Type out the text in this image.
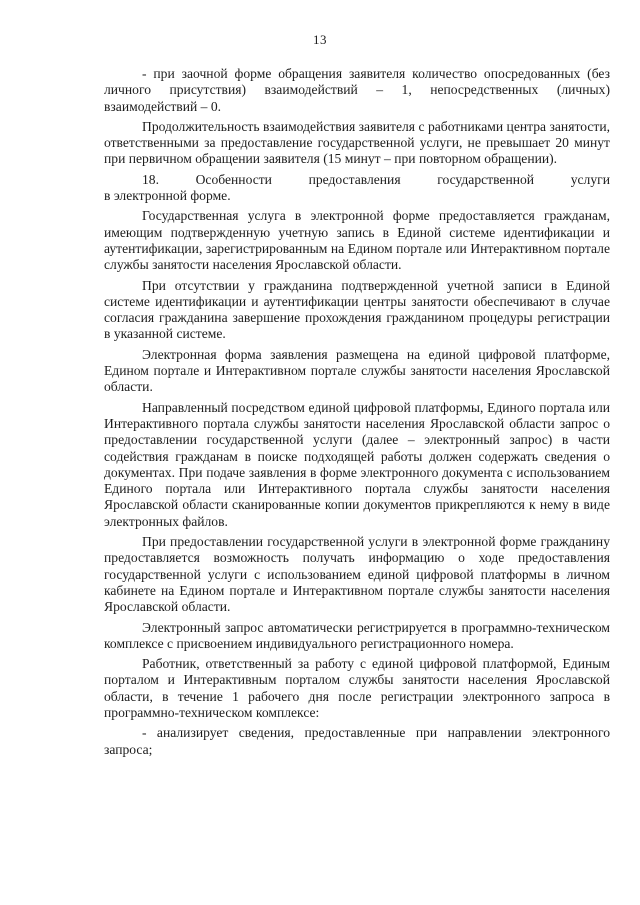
13

- при заочной форме обращения заявителя количество опосредованных (без личного присутствия) взаимодействий – 1, непосредственных (личных) взаимодействий – 0.

Продолжительность взаимодействия заявителя с работниками центра занятости, ответственными за предоставление государственной услуги, не превышает 20 минут при первичном обращении заявителя (15 минут – при повторном обращении).

18.	Особенности	предоставления	государственной	услуги

в электронной форме.

Государственная услуга в электронной форме предоставляется гражданам, имеющим подтвержденную учетную запись в Единой системе идентификации и аутентификации, зарегистрированным на Едином портале или Интерактивном портале службы занятости населения Ярославской области.

При отсутствии у гражданина подтвержденной учетной записи в Единой системе идентификации и аутентификации центры занятости обеспечивают в случае согласия гражданина завершение прохождения гражданином процедуры регистрации в указанной системе.

Электронная форма заявления размещена на единой цифровой платформе, Едином портале и Интерактивном портале службы занятости населения Ярославской области.

Направленный посредством единой цифровой платформы, Единого портала или Интерактивного портала службы занятости населения Ярославской области запрос о предоставлении государственной услуги (далее – электронный запрос) в части содействия гражданам в поиске подходящей работы должен содержать сведения о документах. При подаче заявления в форме электронного документа с использованием Единого портала или Интерактивного портала службы занятости населения Ярославской области сканированные копии документов прикрепляются к нему в виде электронных файлов.

При предоставлении государственной услуги в электронной форме гражданину предоставляется возможность получать информацию о ходе предоставления государственной услуги с использованием единой цифровой платформы в личном кабинете на Едином портале и Интерактивном портале службы занятости населения Ярославской области.

Электронный запрос автоматически регистрируется в программно-техническом комплексе с присвоением индивидуального регистрационного номера.

Работник, ответственный за работу с единой цифровой платформой, Единым порталом и Интерактивным порталом службы занятости населения Ярославской области, в течение 1 рабочего дня после регистрации электронного запроса в программно-техническом комплексе:

- анализирует сведения, предоставленные при направлении электронного запроса;
